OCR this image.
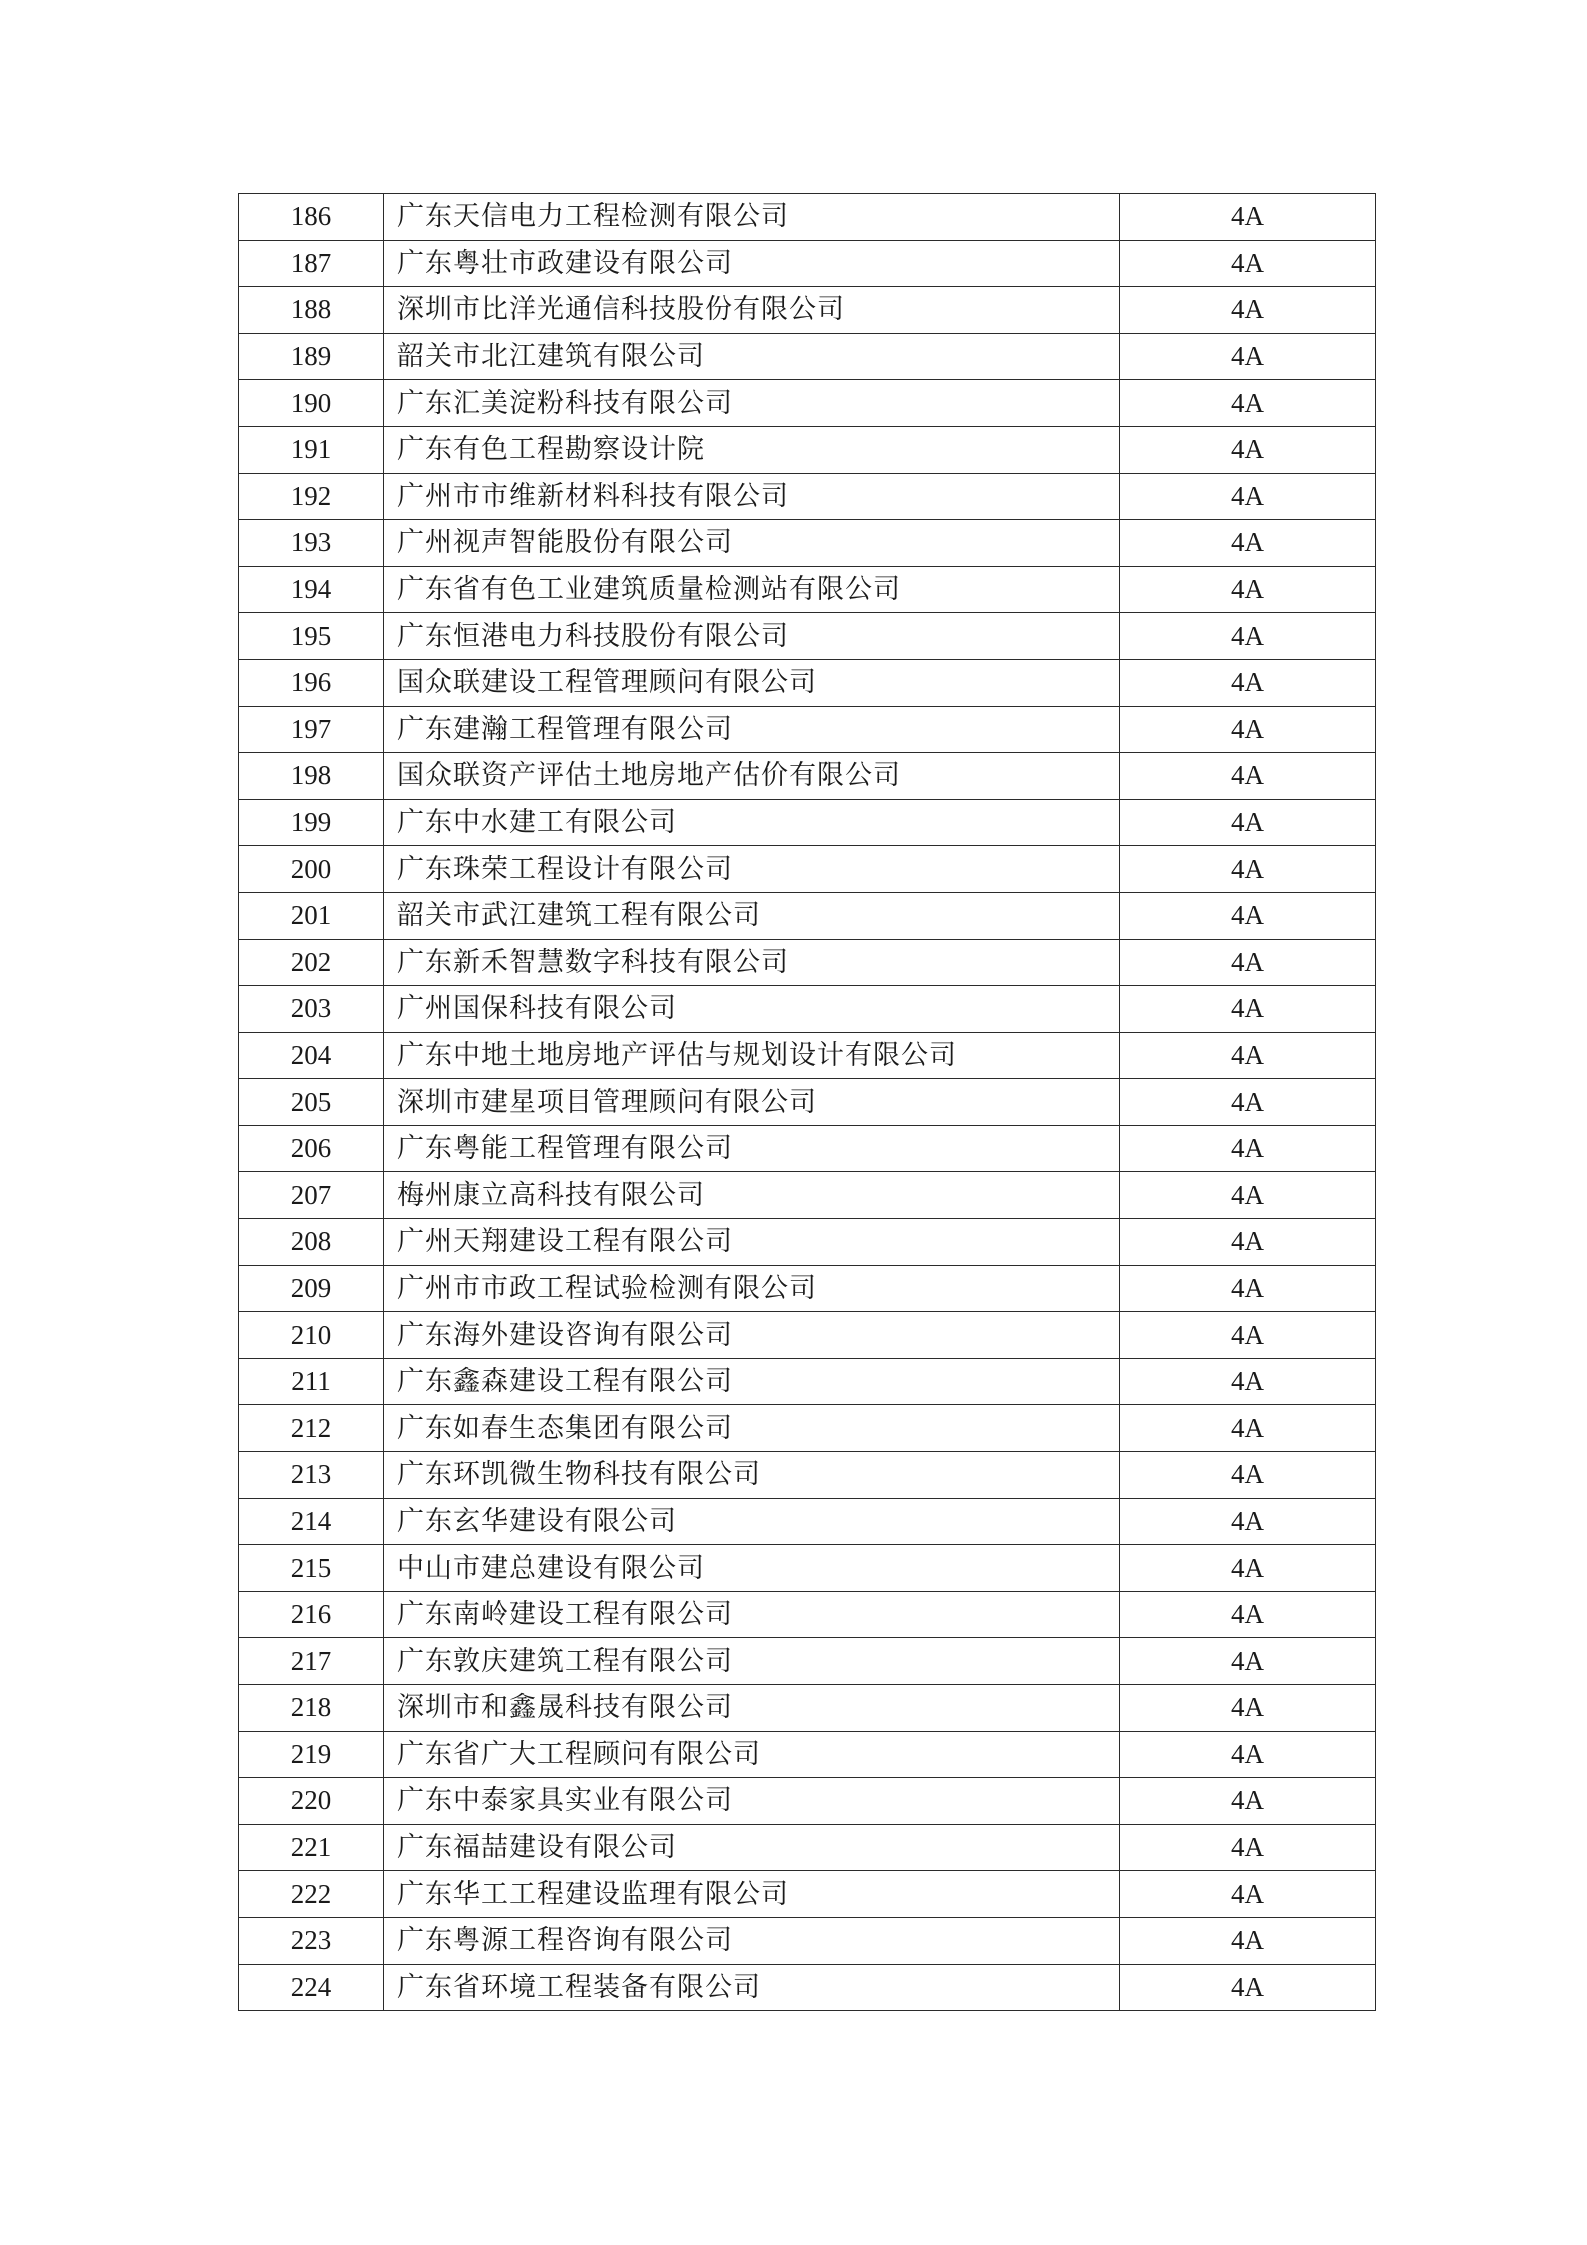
186	广东天信电力工程检测有限公司	4A
187	广东粤壮市政建设有限公司	4A
188	深圳市比洋光通信科技股份有限公司	4A
189	韶关市北江建筑有限公司	4A
190	广东汇美淀粉科技有限公司	4A
191	广东有色工程勘察设计院	4A
192	广州市市维新材料科技有限公司	4A
193	广州视声智能股份有限公司	4A
194	广东省有色工业建筑质量检测站有限公司	4A
195	广东恒港电力科技股份有限公司	4A
196	国众联建设工程管理顾问有限公司	4A
197	广东建瀚工程管理有限公司	4A
198	国众联资产评估土地房地产估价有限公司	4A
199	广东中水建工有限公司	4A
200	广东珠荣工程设计有限公司	4A
201	韶关市武江建筑工程有限公司	4A
202	广东新禾智慧数字科技有限公司	4A
203	广州国保科技有限公司	4A
204	广东中地土地房地产评估与规划设计有限公司	4A
205	深圳市建星项目管理顾问有限公司	4A
206	广东粤能工程管理有限公司	4A
207	梅州康立高科技有限公司	4A
208	广州天翔建设工程有限公司	4A
209	广州市市政工程试验检测有限公司	4A
210	广东海外建设咨询有限公司	4A
211	广东鑫森建设工程有限公司	4A
212	广东如春生态集团有限公司	4A
213	广东环凯微生物科技有限公司	4A
214	广东玄华建设有限公司	4A
215	中山市建总建设有限公司	4A
216	广东南岭建设工程有限公司	4A
217	广东敦庆建筑工程有限公司	4A
218	深圳市和鑫晟科技有限公司	4A
219	广东省广大工程顾问有限公司	4A
220	广东中泰家具实业有限公司	4A
221	广东福喆建设有限公司	4A
222	广东华工工程建设监理有限公司	4A
223	广东粤源工程咨询有限公司	4A
224	广东省环境工程装备有限公司	4A
